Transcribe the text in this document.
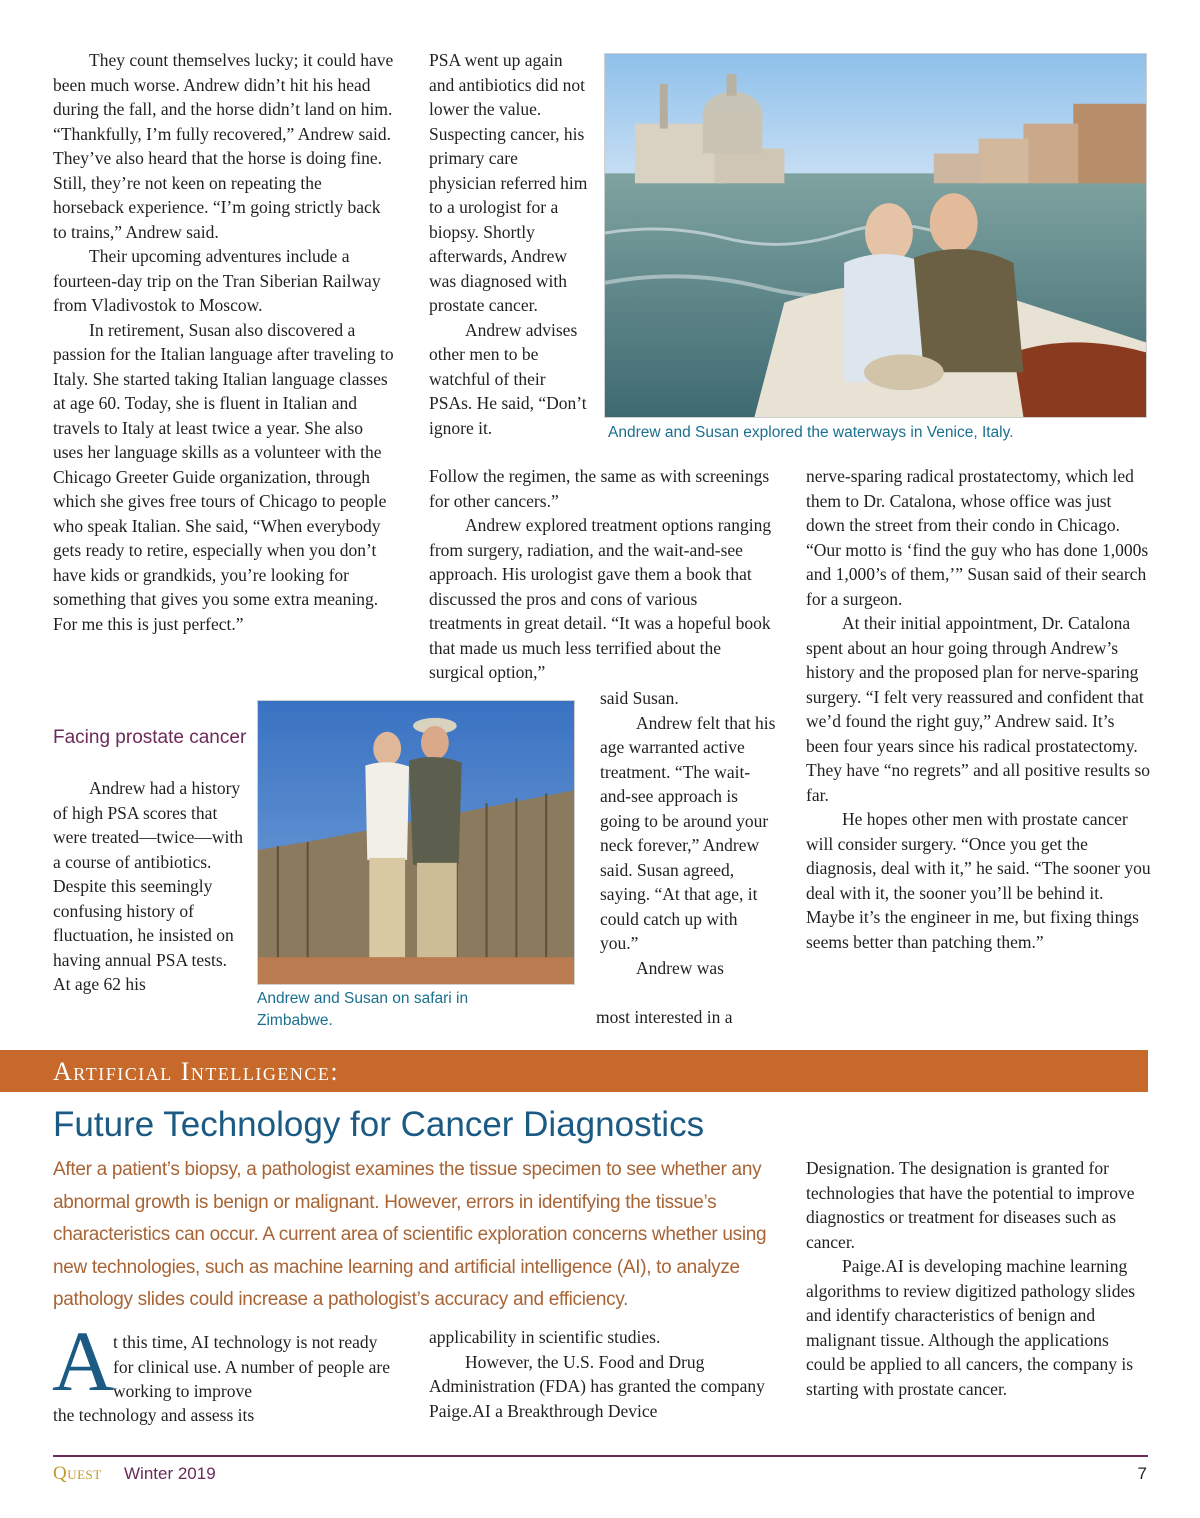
They count themselves lucky; it could have been much worse. Andrew didn’t hit his head during the fall, and the horse didn’t land on him. “Thankfully, I’m fully recovered,” Andrew said. They’ve also heard that the horse is doing fine. Still, they’re not keen on repeating the horseback experience. “I’m going strictly back to trains,” Andrew said.

Their upcoming adventures include a fourteen-day trip on the Tran Siberian Railway from Vladivostok to Moscow.

In retirement, Susan also discovered a passion for the Italian language after traveling to Italy. She started taking Italian language classes at age 60. Today, she is fluent in Italian and travels to Italy at least twice a year. She also uses her language skills as a volunteer with the Chicago Greeter Guide organization, through which she gives free tours of Chicago to people who speak Italian. She said, “When everybody gets ready to retire, especially when you don’t have kids or grandkids, you’re looking for something that gives you some extra meaning. For me this is just perfect.”

Facing prostate cancer

Andrew had a history of high PSA scores that were treated—twice—with a course of antibiotics. Despite this seemingly confusing history of fluctuation, he insisted on having annual PSA tests. At age 62 his

PSA went up again and antibiotics did not lower the value. Suspecting cancer, his primary care physician referred him to a urologist for a biopsy. Shortly afterwards, Andrew was diagnosed with prostate cancer.

Andrew advises other men to be watchful of their PSAs. He said, “Don’t ignore it.

Follow the regimen, the same as with screenings for other cancers.”

Andrew explored treatment options ranging from surgery, radiation, and the wait-and-see approach. His urologist gave them a book that discussed the pros and cons of various treatments in great detail. “It was a hopeful book that made us much less terrified about the surgical option,”

said Susan.

Andrew felt that his age warranted active treatment. “The wait-and-see approach is going to be around your neck forever,” Andrew said. Susan agreed, saying. “At that age, it could catch up with you.”

Andrew was

most interested in a

nerve-sparing radical prostatectomy, which led them to Dr. Catalona, whose office was just down the street from their condo in Chicago. “Our motto is ‘find the guy who has done 1,000s and 1,000’s of them,’” Susan said of their search for a surgeon.

At their initial appointment, Dr. Catalona spent about an hour going through Andrew’s history and the proposed plan for nerve-sparing surgery. “I felt very reassured and confident that we’d found the right guy,” Andrew said. It’s been four years since his radical prostatectomy. They have “no regrets” and all positive results so far.

He hopes other men with prostate cancer will consider surgery. “Once you get the diagnosis, deal with it,” he said. “The sooner you deal with it, the sooner you’ll be behind it. Maybe it’s the engineer in me, but fixing things seems better than patching them.”

Andrew and Susan explored the waterways in Venice, Italy.
Andrew and Susan on safari in Zimbabwe.
Artificial Intelligence:
Future Technology for Cancer Diagnostics
After a patient’s biopsy, a pathologist examines the tissue specimen to see whether any abnormal growth is benign or malignant. However, errors in identifying the tissue’s characteristics can occur. A current area of scientific exploration concerns whether using new technologies, such as machine learning and artificial intelligence (AI), to analyze pathology slides could increase a pathologist’s accuracy and efficiency.
A

t this time, AI technology is not ready for clinical use. A number of people are working to improve

the technology and assess its

applicability in scientific studies.

However, the U.S. Food and Drug Administration (FDA) has granted the company Paige.AI a Breakthrough Device

Designation. The designation is granted for technologies that have the potential to improve diagnostics or treatment for diseases such as cancer.

Paige.AI is developing machine learning algorithms to review digitized pathology slides and identify characteristics of benign and malignant tissue. Although the applications could be applied to all cancers, the company is starting with prostate cancer.

Quest Winter 2019	7
